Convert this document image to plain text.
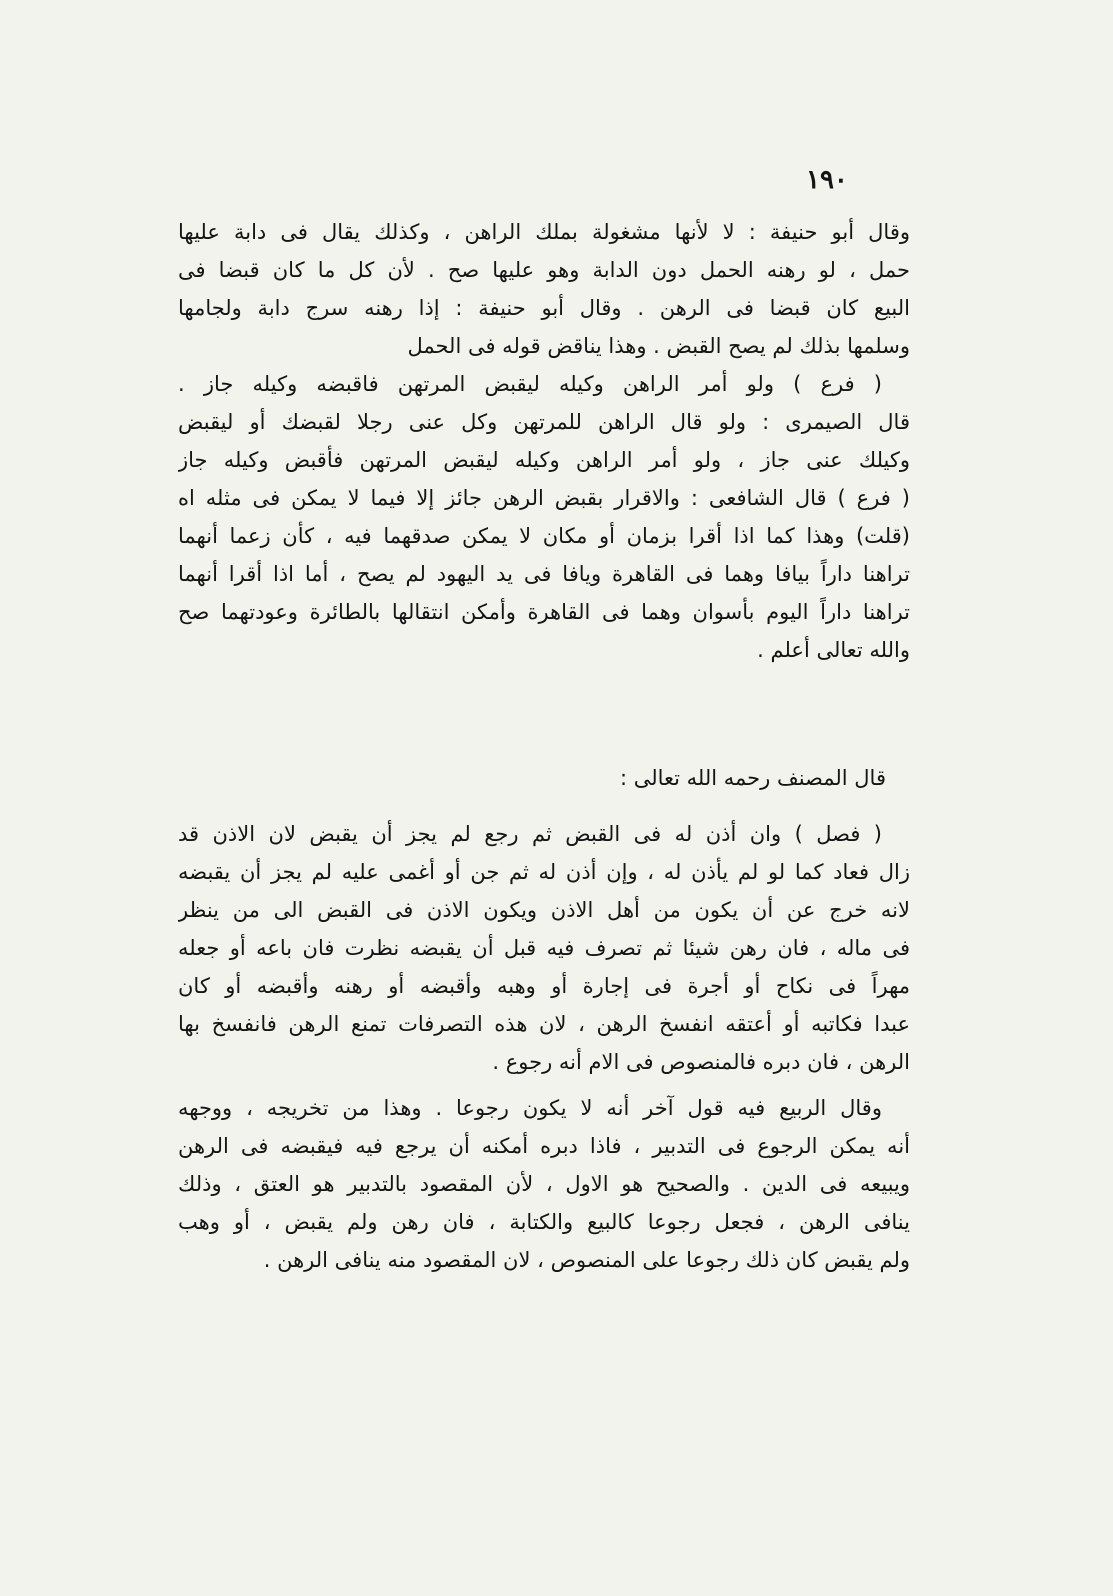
١٩٠
وقال أبو حنيفة : لا لأنها مشغولة بملك الراهن ، وكذلك يقال فى دابة عليها
حمل ، لو رهنه الحمل دون الدابة وهو عليها صح . لأن كل ما كان قبضا فى
البيع كان قبضا فى الرهن . وقال أبو حنيفة : إذا رهنه سرج دابة ولجامها
وسلمها بذلك لم يصح القبض . وهذا يناقض قوله فى الحمل
( فرع ) ولو أمر الراهن وكيله ليقبض المرتهن فاقبضه وكيله جاز .
قال الصيمرى : ولو قال الراهن للمرتهن وكل عنى رجلا لقبضك أو ليقبض
وكيلك عنى جاز ، ولو أمر الراهن وكيله ليقبض المرتهن فأقبض وكيله جاز
( فرع ) قال الشافعى : والاقرار بقبض الرهن جائز إلا فيما لا يمكن فى مثله اه
(قلت) وهذا كما اذا أقرا بزمان أو مكان لا يمكن صدقهما فيه ، كأن زعما أنهما
تراهنا داراً بيافا وهما فى القاهرة ويافا فى يد اليهود لم يصح ، أما اذا أقرا أنهما
تراهنا داراً اليوم بأسوان وهما فى القاهرة وأمكن انتقالها بالطائرة وعودتهما صح
والله تعالى أعلم .
قال المصنف رحمه الله تعالى :
( فصل ) وان أذن له فى القبض ثم رجع لم يجز أن يقبض لان الاذن قد
زال فعاد كما لو لم يأذن له ، وإن أذن له ثم جن أو أغمى عليه لم يجز أن يقبضه
لانه خرج عن أن يكون من أهل الاذن ويكون الاذن فى القبض الى من ينظر
فى ماله ، فان رهن شيئا ثم تصرف فيه قبل أن يقبضه نظرت فان باعه أو جعله
مهراً فى نكاح أو أجرة فى إجارة أو وهبه وأقبضه أو رهنه وأقبضه أو كان
عبدا فكاتبه أو أعتقه انفسخ الرهن ، لان هذه التصرفات تمنع الرهن فانفسخ بها
الرهن ، فان دبره فالمنصوص فى الام أنه رجوع .
وقال الربيع فيه قول آخر أنه لا يكون رجوعا . وهذا من تخريجه ، ووجهه
أنه يمكن الرجوع فى التدبير ، فاذا دبره أمكنه أن يرجع فيه فيقبضه فى الرهن
ويبيعه فى الدين . والصحيح هو الاول ، لأن المقصود بالتدبير هو العتق ، وذلك
ينافى الرهن ، فجعل رجوعا كالبيع والكتابة ، فان رهن ولم يقبض ، أو وهب
ولم يقبض كان ذلك رجوعا على المنصوص ، لان المقصود منه ينافى الرهن .
